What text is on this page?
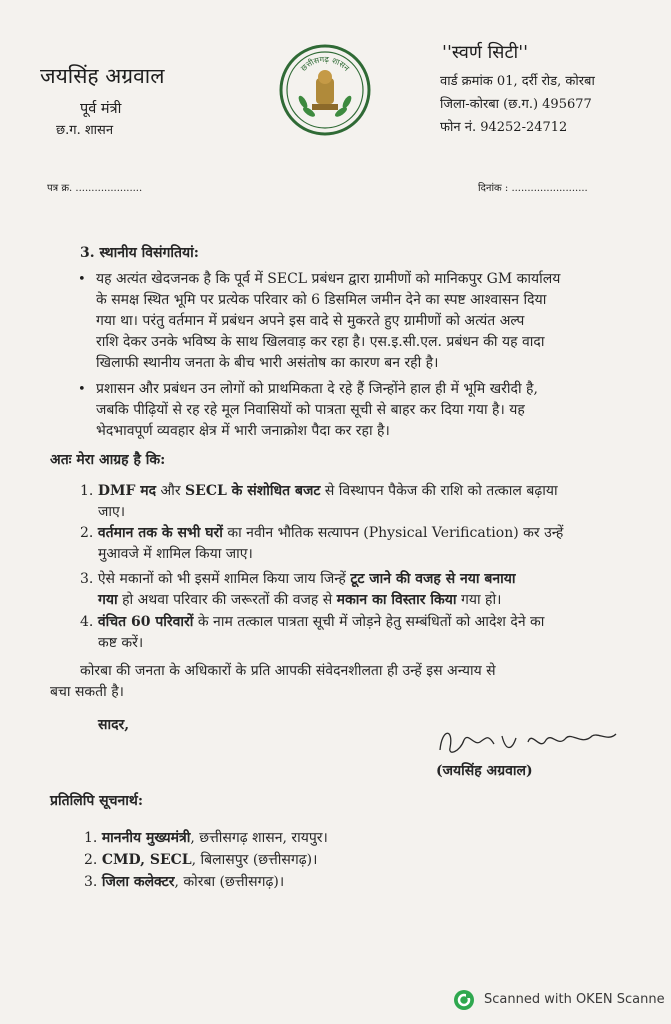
जयसिंह अग्रवाल
पूर्व मंत्री
छ.ग. शासन
छत्तीसगढ़ शासन
''स्वर्ण सिटी''
वार्ड क्रमांक 01, दर्री रोड, कोरबा
जिला-कोरबा (छ.ग.) 495677
फोन नं. 94252-24712
पत्र क्र. .....................	दिनांक : ........................
3. स्थानीय विसंगतियां:
• यह अत्यंत खेदजनक है कि पूर्व में SECL प्रबंधन द्वारा ग्रामीणों को मानिकपुर GM कार्यालय
के समक्ष स्थित भूमि पर प्रत्येक परिवार को 6 डिसमिल जमीन देने का स्पष्ट आश्वासन दिया
गया था। परंतु वर्तमान में प्रबंधन अपने इस वादे से मुकरते हुए ग्रामीणों को अत्यंत अल्प
राशि देकर उनके भविष्य के साथ खिलवाड़ कर रहा है। एस.इ.सी.एल. प्रबंधन की यह वादा
खिलाफी स्थानीय जनता के बीच भारी असंतोष का कारण बन रही है।
• प्रशासन और प्रबंधन उन लोगों को प्राथमिकता दे रहे हैं जिन्होंने हाल ही में भूमि खरीदी है,
जबकि पीढ़ियों से रह रहे मूल निवासियों को पात्रता सूची से बाहर कर दिया गया है। यह
भेदभावपूर्ण व्यवहार क्षेत्र में भारी जनाक्रोश पैदा कर रहा है।
अतः मेरा आग्रह है कि:
1. DMF मद और SECL के संशोधित बजट से विस्थापन पैकेज की राशि को तत्काल बढ़ाया
जाए।
2. वर्तमान तक के सभी घरों का नवीन भौतिक सत्यापन (Physical Verification) कर उन्हें
मुआवजे में शामिल किया जाए।
3. ऐसे मकानों को भी इसमें शामिल किया जाय जिन्हें टूट जाने की वजह से नया बनाया
गया हो अथवा परिवार की जरूरतों की वजह से मकान का विस्तार किया गया हो।
4. वंचित 60 परिवारों के नाम तत्काल पात्रता सूची में जोड़ने हेतु सम्बंधितों को आदेश देने का
कष्ट करें।
कोरबा की जनता के अधिकारों के प्रति आपकी संवेदनशीलता ही उन्हें इस अन्याय से
बचा सकती है।
सादर,
(जयसिंह अग्रवाल)
प्रतिलिपि सूचनार्थ:
1. माननीय मुख्यमंत्री, छत्तीसगढ़ शासन, रायपुर।
2. CMD, SECL, बिलासपुर (छत्तीसगढ़)।
3. जिला कलेक्टर, कोरबा (छत्तीसगढ़)।
Scanned with OKEN Scanne
